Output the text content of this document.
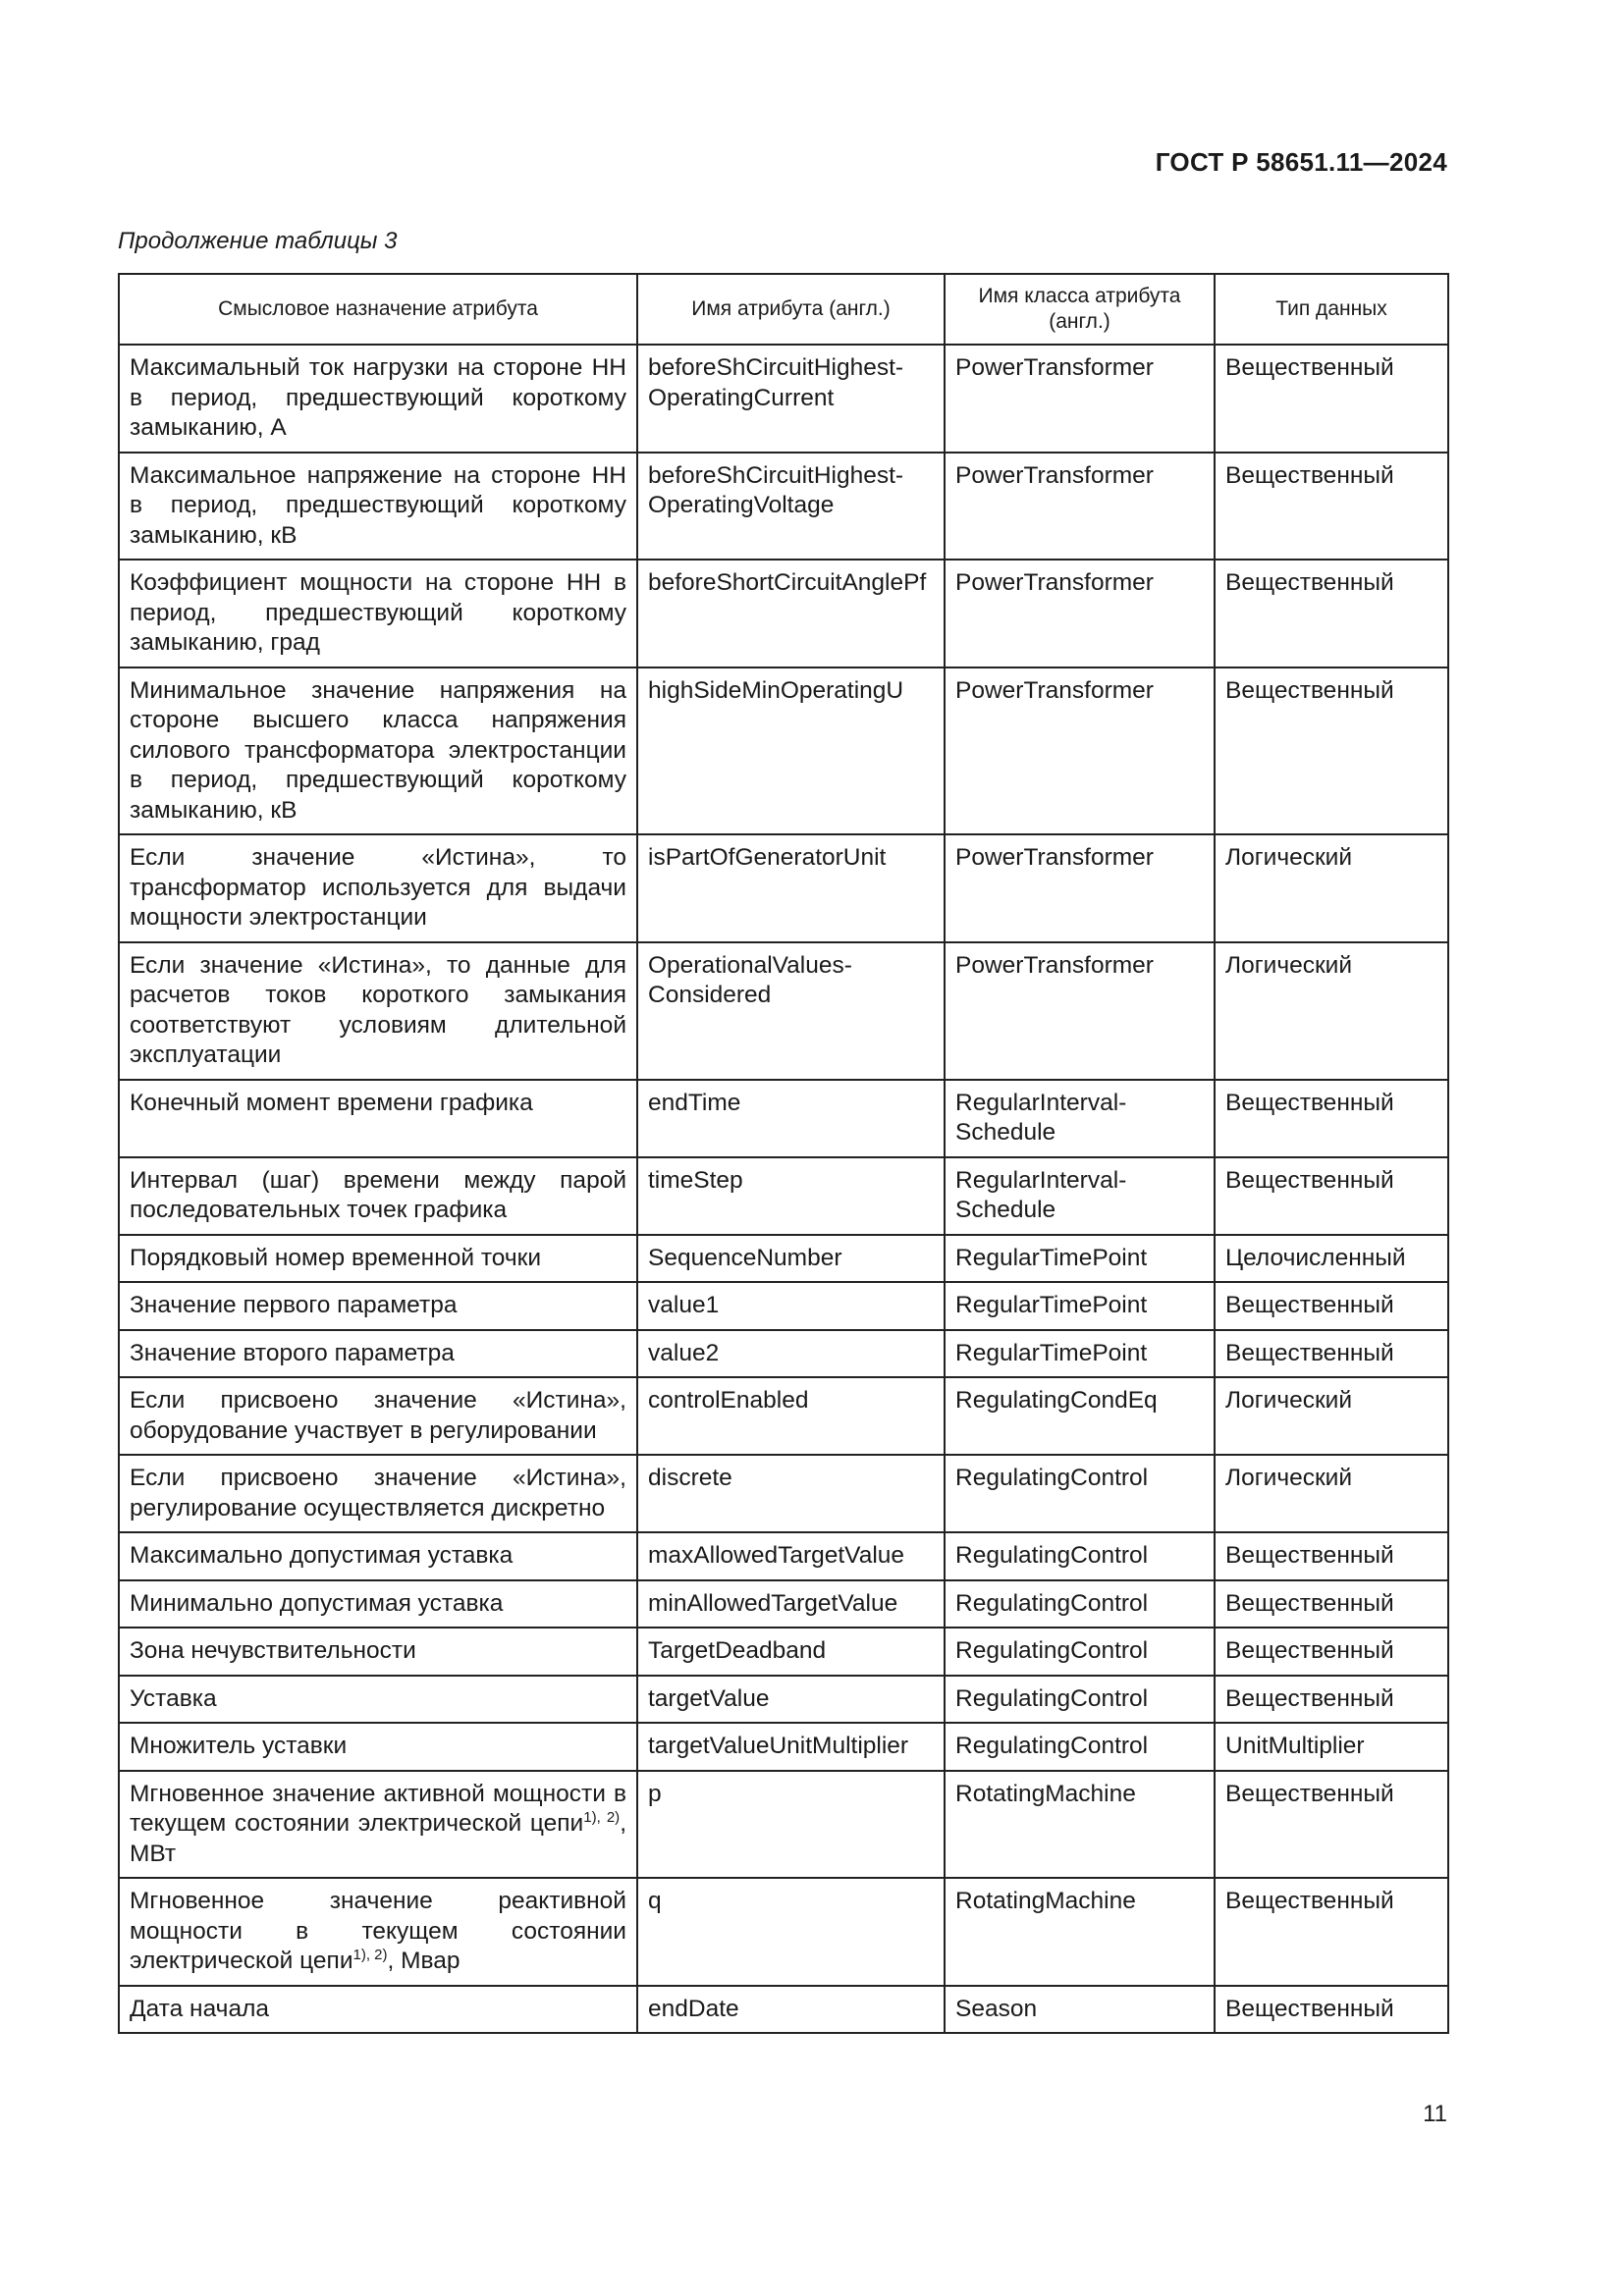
ГОСТ Р 58651.11—2024
Продолжение таблицы 3
Смысловое назначение атрибута	Имя атрибута (англ.)	Имя класса атрибута (англ.)	Тип данных
Максимальный ток нагрузки на стороне НН в период, предшествующий короткому замыканию, А	beforeShCircuitHighest-OperatingCurrent	PowerTransformer	Вещественный
Максимальное напряжение на стороне НН в период, предшествующий короткому замыканию, кВ	beforeShCircuitHighest-OperatingVoltage	PowerTransformer	Вещественный
Коэффициент мощности на стороне НН в период, предшествующий короткому замыканию, град	beforeShortCircuitAnglePf	PowerTransformer	Вещественный
Минимальное значение напряжения на стороне высшего класса напряжения силового трансформатора электростанции в период, предшествующий короткому замыканию, кВ	highSideMinOperatingU	PowerTransformer	Вещественный
Если значение «Истина», то трансформатор используется для выдачи мощности электростанции	isPartOfGeneratorUnit	PowerTransformer	Логический
Если значение «Истина», то данные для расчетов токов короткого замыкания соответствуют условиям длительной эксплуатации	OperationalValues-Considered	PowerTransformer	Логический
Конечный момент времени графика	endTime	RegularInterval-Schedule	Вещественный
Интервал (шаг) времени между парой последовательных точек графика	timeStep	RegularInterval-Schedule	Вещественный
Порядковый номер временной точки	SequenceNumber	RegularTimePoint	Целочисленный
Значение первого параметра	value1	RegularTimePoint	Вещественный
Значение второго параметра	value2	RegularTimePoint	Вещественный
Если присвоено значение «Истина», оборудование участвует в регулировании	controlEnabled	RegulatingCondEq	Логический
Если присвоено значение «Истина», регулирование осуществляется дискретно	discrete	RegulatingControl	Логический
Максимально допустимая уставка	maxAllowedTargetValue	RegulatingControl	Вещественный
Минимально допустимая уставка	minAllowedTargetValue	RegulatingControl	Вещественный
Зона нечувствительности	TargetDeadband	RegulatingControl	Вещественный
Уставка	targetValue	RegulatingControl	Вещественный
Множитель уставки	targetValueUnitMultiplier	RegulatingControl	UnitMultiplier
Мгновенное значение активной мощности в текущем состоянии электрической цепи$^{1), 2)}$, МВт	p	RotatingMachine	Вещественный
Мгновенное значение реактивной мощности в текущем состоянии электрической цепи$^{1), 2)}$, Мвар	q	RotatingMachine	Вещественный
Дата начала	endDate	Season	Вещественный
11
